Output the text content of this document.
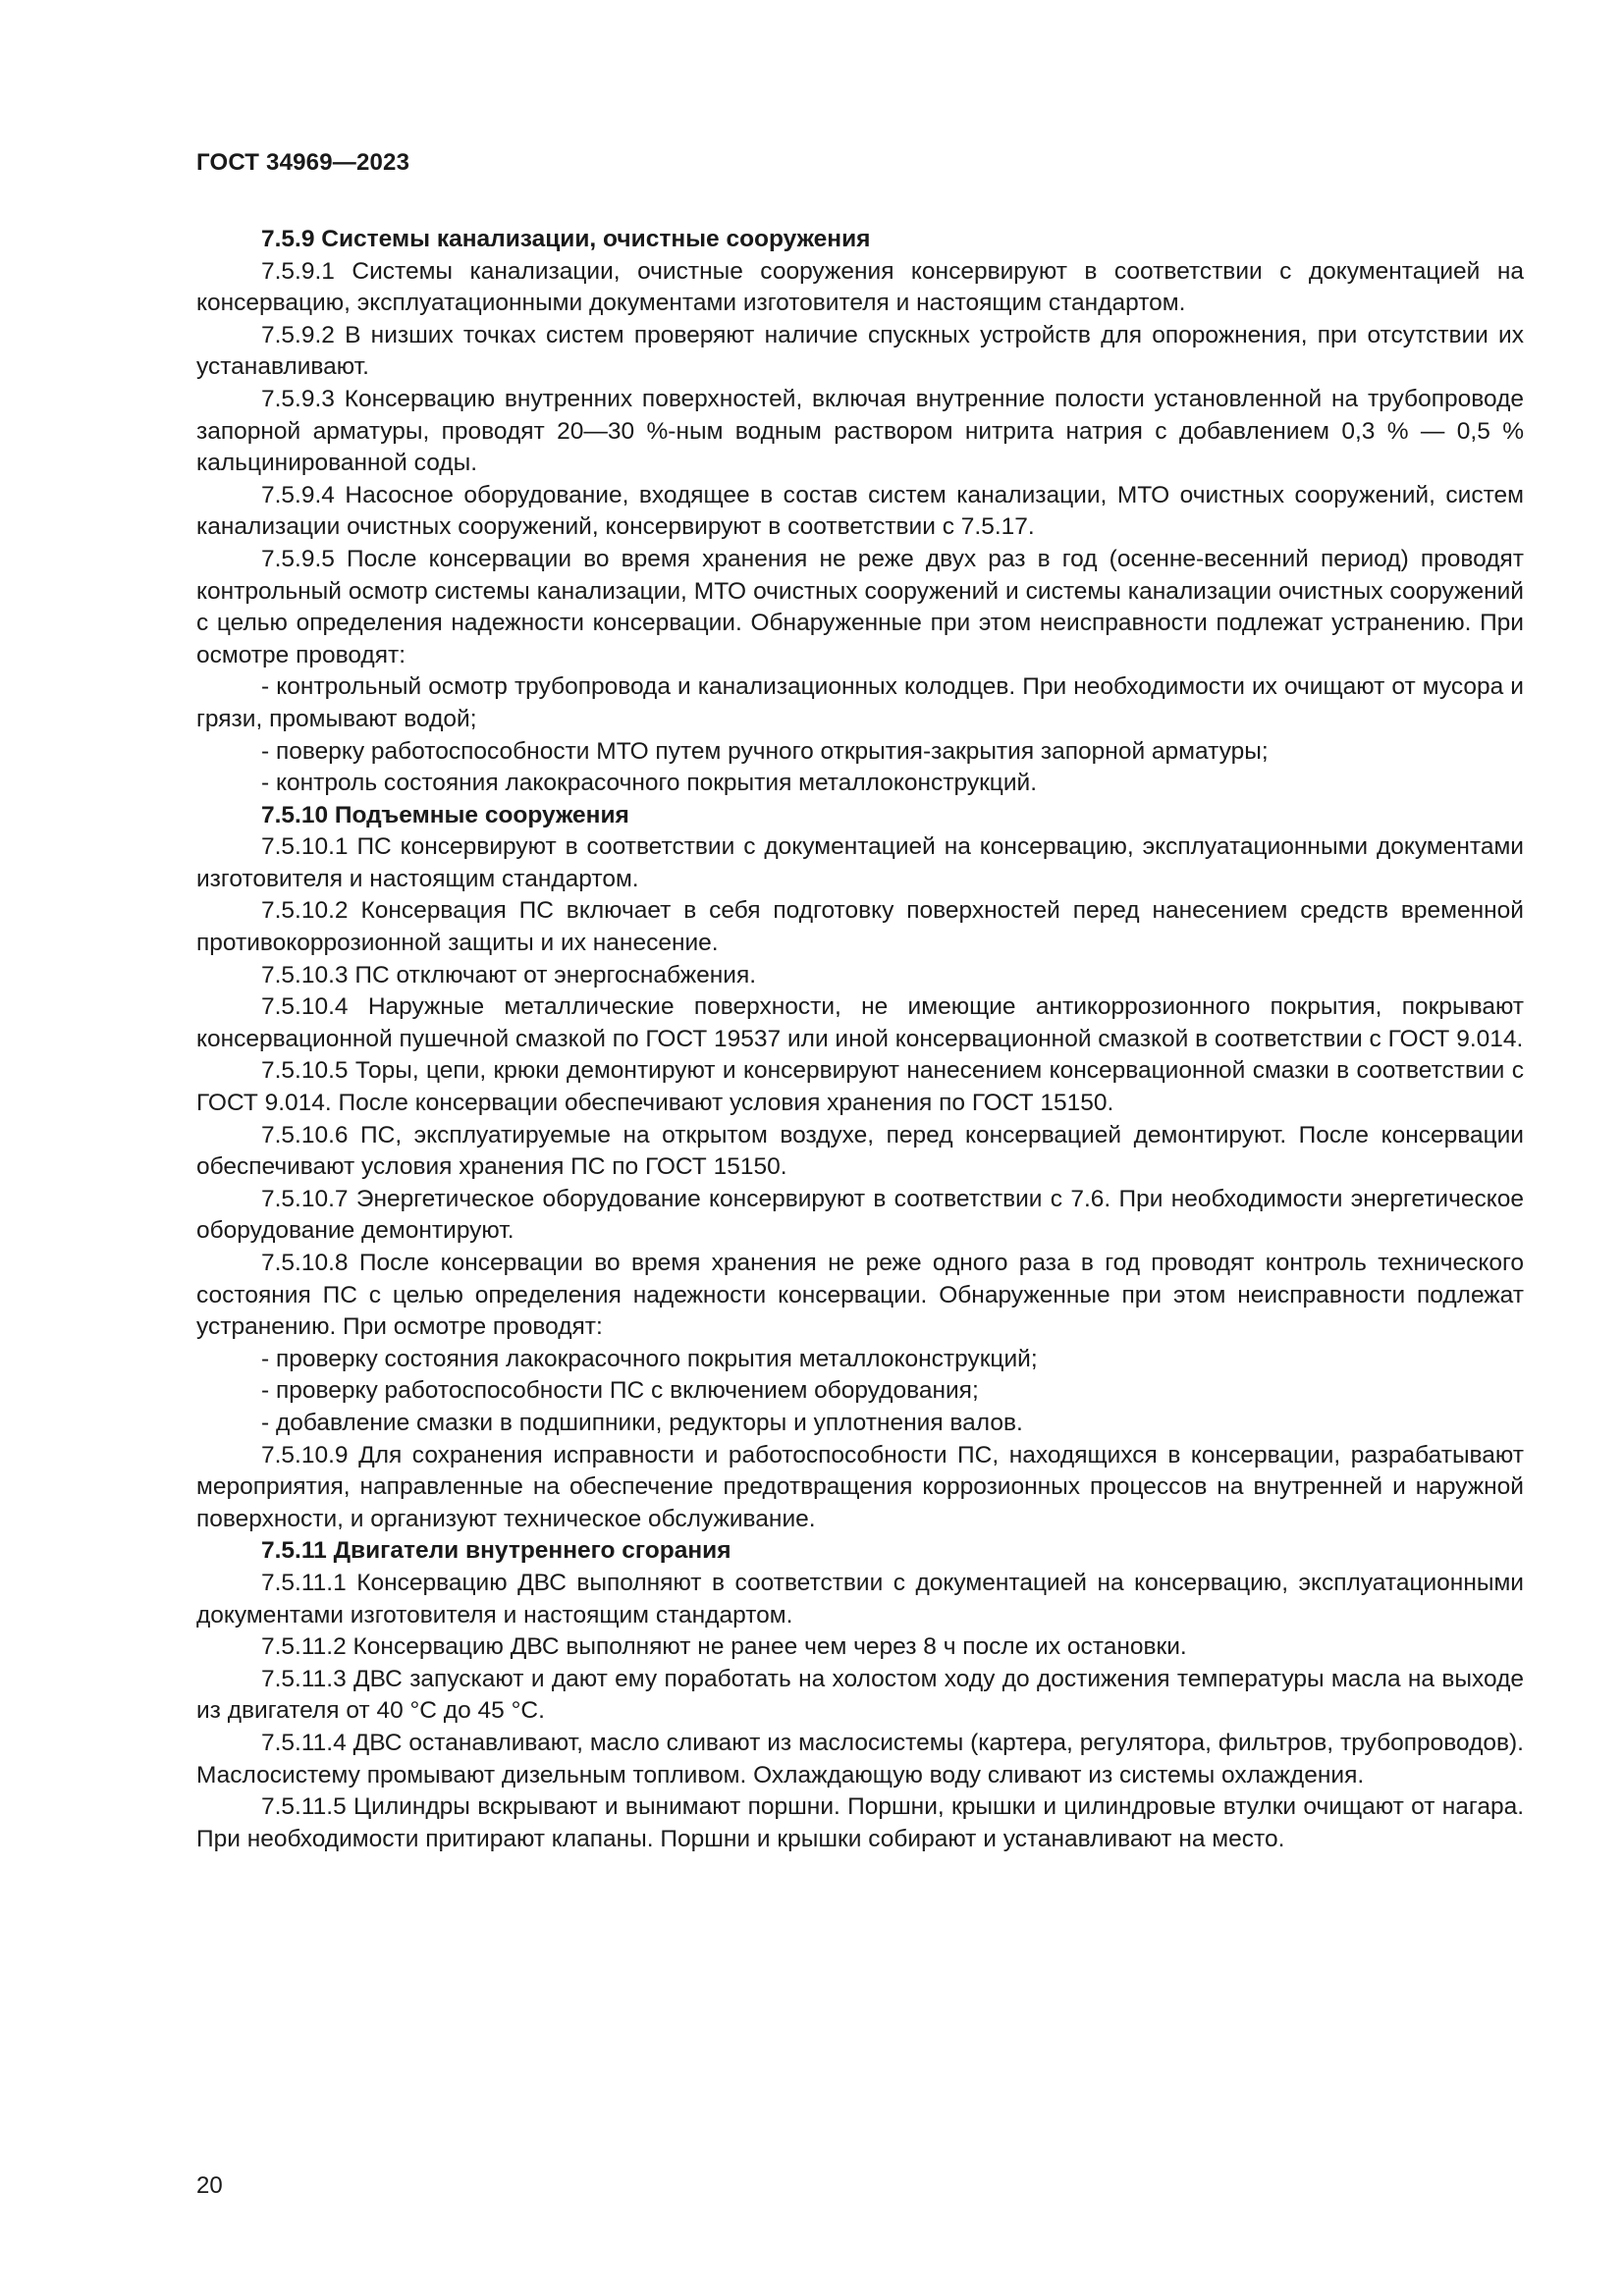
ГОСТ 34969—2023

7.5.9 Системы канализации, очистные сооружения

7.5.9.1 Системы канализации, очистные сооружения консервируют в соответствии с документацией на консервацию, эксплуатационными документами изготовителя и настоящим стандартом.

7.5.9.2 В низших точках систем проверяют наличие спускных устройств для опорожнения, при отсутствии их устанавливают.

7.5.9.3 Консервацию внутренних поверхностей, включая внутренние полости установленной на трубопроводе запорной арматуры, проводят 20—30 %-ным водным раствором нитрита натрия с добавлением 0,3 % — 0,5 % кальцинированной соды.

7.5.9.4 Насосное оборудование, входящее в состав систем канализации, МТО очистных сооружений, систем канализации очистных сооружений, консервируют в соответствии с 7.5.17.

7.5.9.5 После консервации во время хранения не реже двух раз в год (осенне-весенний период) проводят контрольный осмотр системы канализации, МТО очистных сооружений и системы канализации очистных сооружений с целью определения надежности консервации. Обнаруженные при этом неисправности подлежат устранению. При осмотре проводят:

- контрольный осмотр трубопровода и канализационных колодцев. При необходимости их очищают от мусора и грязи, промывают водой;

- поверку работоспособности МТО путем ручного открытия-закрытия запорной арматуры;

- контроль состояния лакокрасочного покрытия металлоконструкций.

7.5.10 Подъемные сооружения

7.5.10.1 ПС консервируют в соответствии с документацией на консервацию, эксплуатационными документами изготовителя и настоящим стандартом.

7.5.10.2 Консервация ПС включает в себя подготовку поверхностей перед нанесением средств временной противокоррозионной защиты и их нанесение.

7.5.10.3 ПС отключают от энергоснабжения.

7.5.10.4 Наружные металлические поверхности, не имеющие антикоррозионного покрытия, покрывают консервационной пушечной смазкой по ГОСТ 19537 или иной консервационной смазкой в соответствии с ГОСТ 9.014.

7.5.10.5 Торы, цепи, крюки демонтируют и консервируют нанесением консервационной смазки в соответствии с ГОСТ 9.014. После консервации обеспечивают условия хранения по ГОСТ 15150.

7.5.10.6 ПС, эксплуатируемые на открытом воздухе, перед консервацией демонтируют. После консервации обеспечивают условия хранения ПС по ГОСТ 15150.

7.5.10.7 Энергетическое оборудование консервируют в соответствии с 7.6. При необходимости энергетическое оборудование демонтируют.

7.5.10.8 После консервации во время хранения не реже одного раза в год проводят контроль технического состояния ПС с целью определения надежности консервации. Обнаруженные при этом неисправности подлежат устранению. При осмотре проводят:

- проверку состояния лакокрасочного покрытия металлоконструкций;

- проверку работоспособности ПС с включением оборудования;

- добавление смазки в подшипники, редукторы и уплотнения валов.

7.5.10.9 Для сохранения исправности и работоспособности ПС, находящихся в консервации, разрабатывают мероприятия, направленные на обеспечение предотвращения коррозионных процессов на внутренней и наружной поверхности, и организуют техническое обслуживание.

7.5.11 Двигатели внутреннего сгорания

7.5.11.1 Консервацию ДВС выполняют в соответствии с документацией на консервацию, эксплуатационными документами изготовителя и настоящим стандартом.

7.5.11.2 Консервацию ДВС выполняют не ранее чем через 8 ч после их остановки.

7.5.11.3 ДВС запускают и дают ему поработать на холостом ходу до достижения температуры масла на выходе из двигателя от 40 °С до 45 °С.

7.5.11.4 ДВС останавливают, масло сливают из маслосистемы (картера, регулятора, фильтров, трубопроводов). Маслосистему промывают дизельным топливом. Охлаждающую воду сливают из системы охлаждения.

7.5.11.5 Цилиндры вскрывают и вынимают поршни. Поршни, крышки и цилиндровые втулки очищают от нагара. При необходимости притирают клапаны. Поршни и крышки собирают и устанавливают на место.

20
